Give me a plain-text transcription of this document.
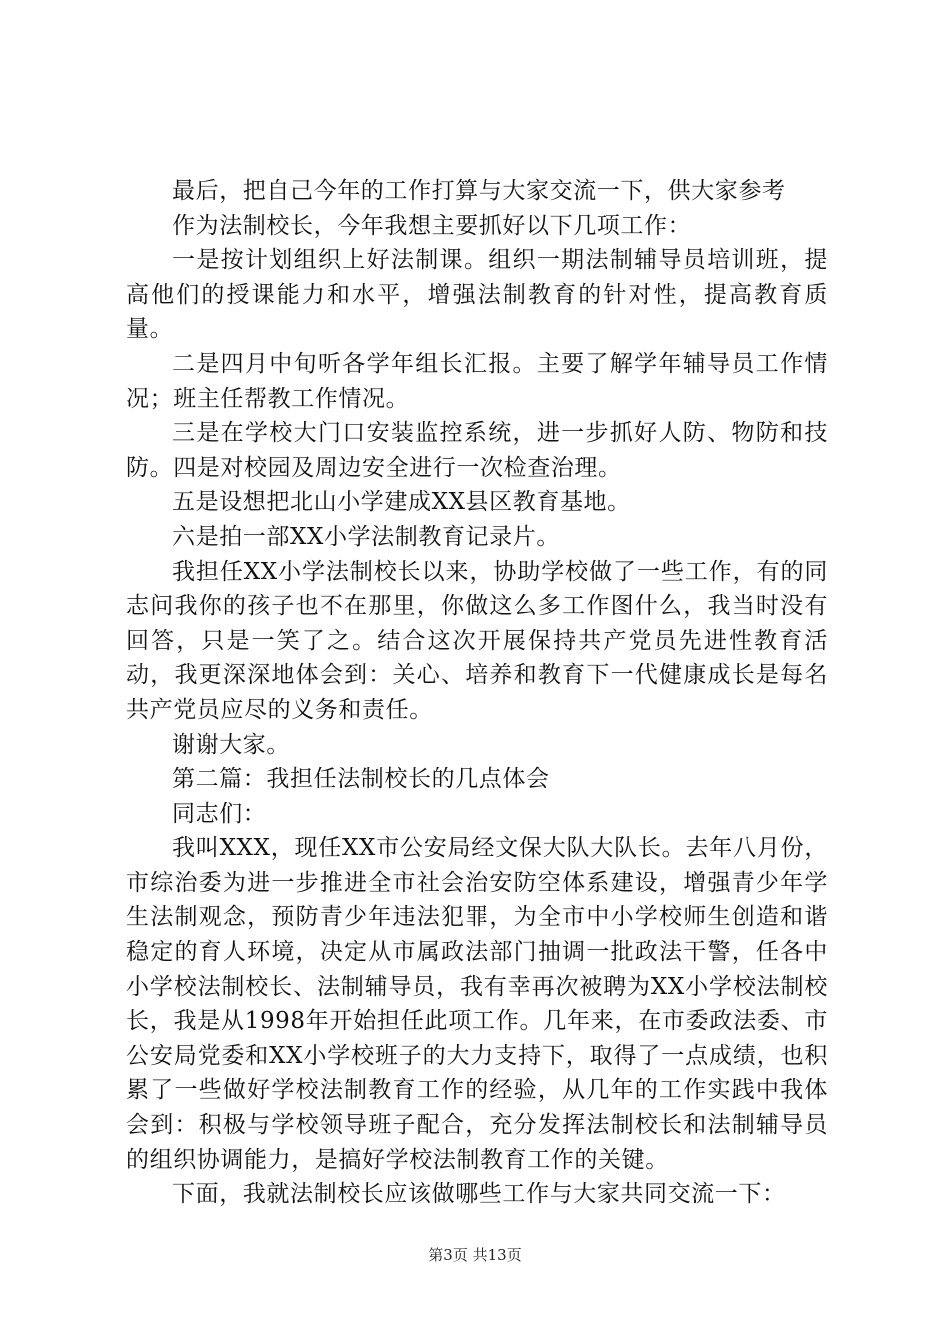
最后，把自己今年的工作打算与大家交流一下，供大家参考

作为法制校长，今年我想主要抓好以下几项工作：

一是按计划组织上好法制课。组织一期法制辅导员培训班，提高他们的授课能力和水平，增强法制教育的针对性，提高教育质量。

二是四月中旬听各学年组长汇报。主要了解学年辅导员工作情况；班主任帮教工作情况。

三是在学校大门口安装监控系统，进一步抓好人防、物防和技防。四是对校园及周边安全进行一次检查治理。

五是设想把北山小学建成XX县区教育基地。

六是拍一部XX小学法制教育记录片。

我担任XX小学法制校长以来，协助学校做了一些工作，有的同志问我你的孩子也不在那里，你做这么多工作图什么，我当时没有回答，只是一笑了之。结合这次开展保持共产党员先进性教育活动，我更深深地体会到：关心、培养和教育下一代健康成长是每名共产党员应尽的义务和责任。

谢谢大家。

第二篇：我担任法制校长的几点体会

同志们：

我叫XXX，现任XX市公安局经文保大队大队长。去年八月份，市综治委为进一步推进全市社会治安防空体系建设，增强青少年学生法制观念，预防青少年违法犯罪，为全市中小学校师生创造和谐稳定的育人环境，决定从市属政法部门抽调一批政法干警，任各中小学校法制校长、法制辅导员，我有幸再次被聘为XX小学校法制校长，我是从1998年开始担任此项工作。几年来，在市委政法委、市公安局党委和XX小学校班子的大力支持下，取得了一点成绩，也积累了一些做好学校法制教育工作的经验，从几年的工作实践中我体会到：积极与学校领导班子配合，充分发挥法制校长和法制辅导员的组织协调能力，是搞好学校法制教育工作的关键。

下面，我就法制校长应该做哪些工作与大家共同交流一下：

第3页 共13页
